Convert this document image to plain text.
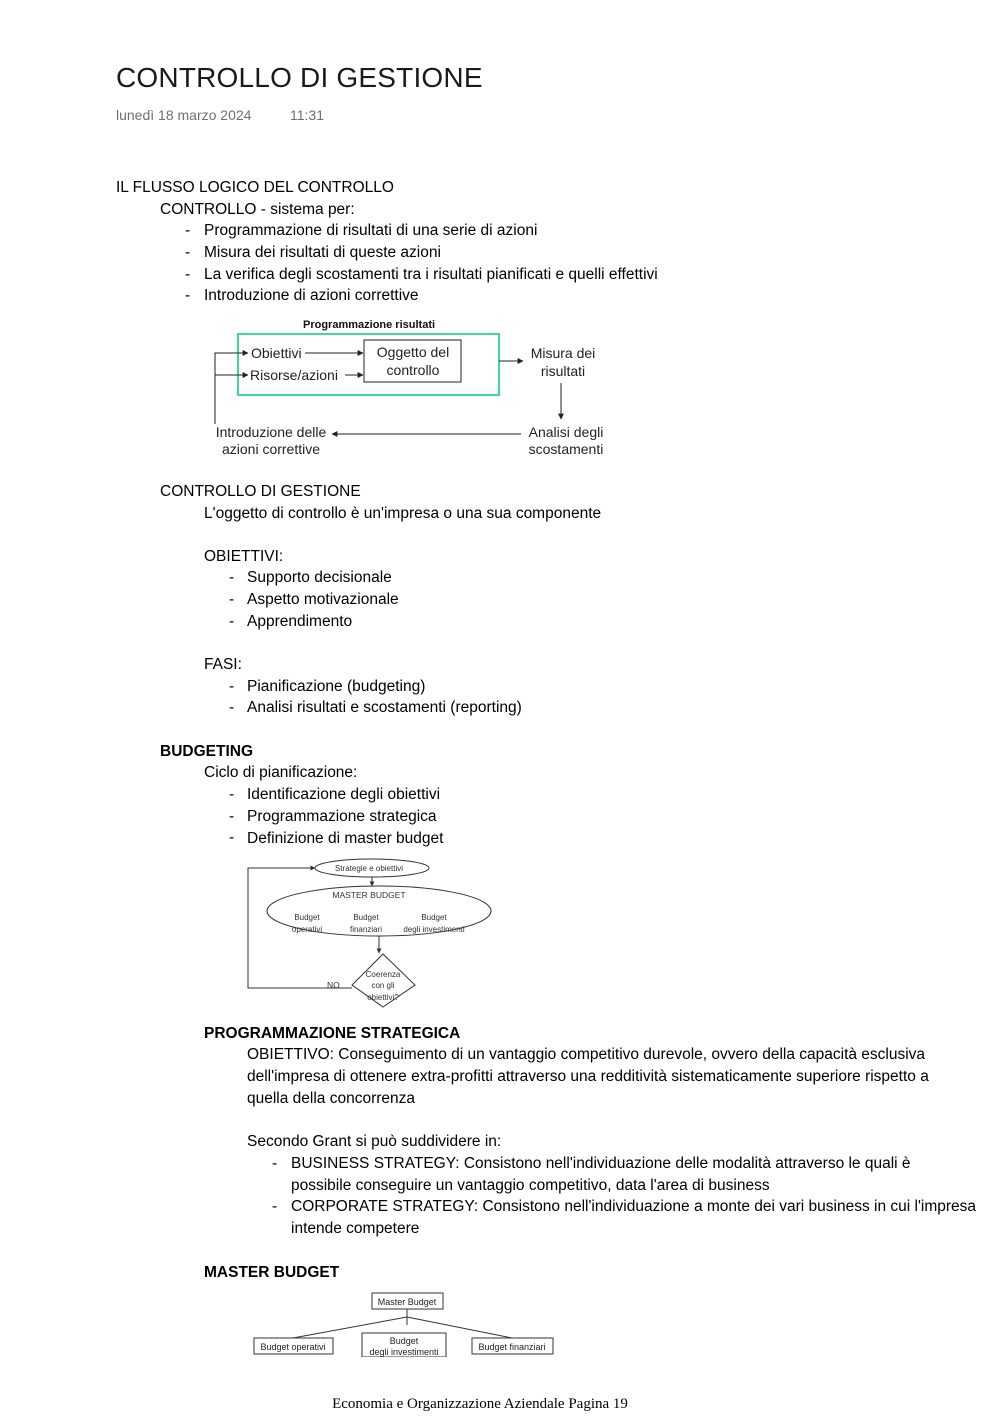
CONTROLLO DI GESTIONE
lunedì 18 marzo 2024	11:31
IL FLUSSO LOGICO DEL CONTROLLO
CONTROLLO - sistema per:
- Programmazione di risultati di una serie di azioni
- Misura dei risultati di queste azioni
- La verifica degli scostamenti tra i risultati pianificati e quelli effettivi
- Introduzione di azioni correttive
Programmazione risultati
Obiettivi
Risorse/azioni
Oggetto del
controllo
Misura dei
risultati
Analisi degli
scostamenti
Introduzione delle
azioni correttive
CONTROLLO DI GESTIONE
L'oggetto di controllo è un'impresa o una sua componente
OBIETTIVI:
- Supporto decisionale
- Aspetto motivazionale
- Apprendimento
FASI:
- Pianificazione (budgeting)
- Analisi risultati e scostamenti (reporting)
BUDGETING
Ciclo di pianificazione:
- Identificazione degli obiettivi
- Programmazione strategica
- Definizione di master budget
Strategie e obiettivi
MASTER BUDGET
Budget
operativi
Budget
finanziari
Budget
degli investimenti
Coerenza
con gli
obiettivi?
NO
PROGRAMMAZIONE STRATEGICA
OBIETTIVO: Conseguimento di un vantaggio competitivo durevole, ovvero della capacità esclusiva
dell'impresa di ottenere extra-profitti attraverso una redditività sistematicamente superiore rispetto a
quella della concorrenza
Secondo Grant si può suddividere in:
- BUSINESS STRATEGY: Consistono nell'individuazione delle modalità attraverso le quali è
possibile conseguire un vantaggio competitivo, data l'area di business
- CORPORATE STRATEGY: Consistono nell'individuazione a monte dei vari business in cui l'impresa
intende competere
MASTER BUDGET
Master Budget
Budget operativi
Budget
degli investimenti	Budget finanziari
Economia e Organizzazione Aziendale Pagina 19
